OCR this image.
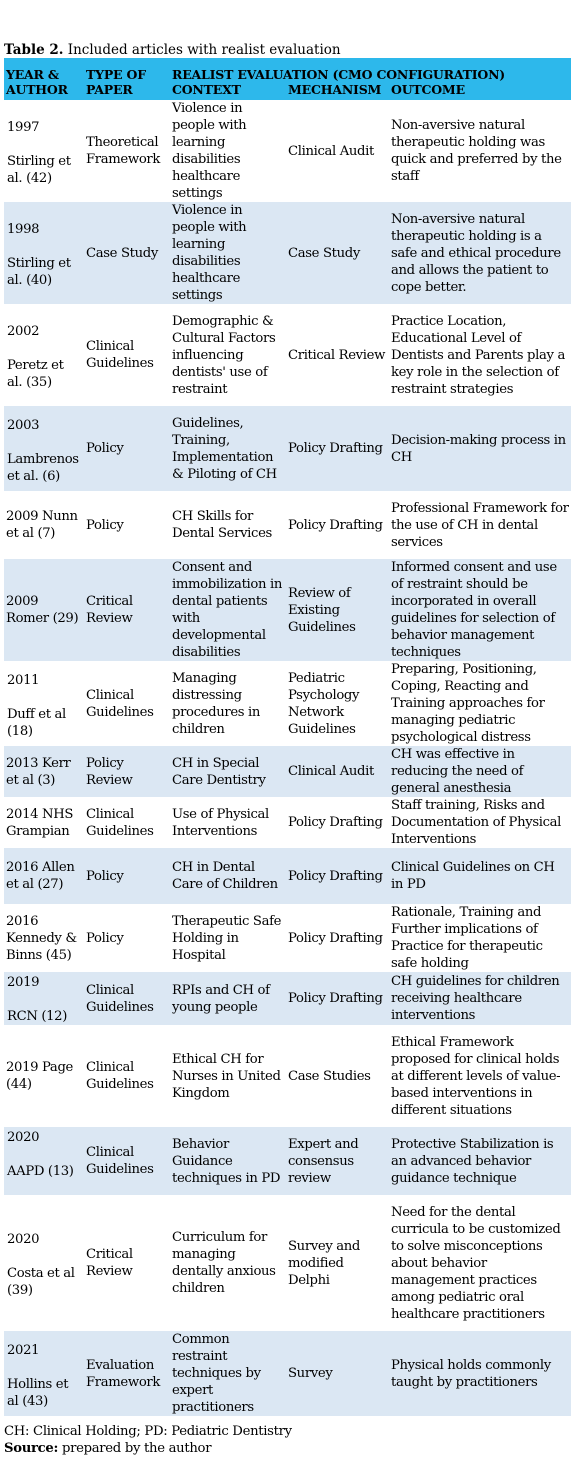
Table 2. Included articles with realist evaluation
YEAR & AUTHOR	TYPE OF PAPER	REALIST EVALUATION (CMO CONFIGURATION)		
		CONTEXT	MECHANISM	OUTCOME

1997
Stirling et al. (42)	Theoretical Framework	Violence in people with learning disabilities healthcare settings	Clinical Audit	Non-aversive natural therapeutic holding was quick and preferred by the staff

1998
Stirling et al. (40)	Case Study	Violence in people with learning disabilities healthcare settings	Case Study	Non-aversive natural therapeutic holding is a safe and ethical procedure and allows the patient to cope better.

2002
Peretz et al. (35)	Clinical Guidelines	Demographic & Cultural Factors influencing dentists' use of restraint	Critical Review	Practice Location, Educational Level of Dentists and Parents play a key role in the selection of restraint strategies

2003
Lambrenos et al. (6)	Policy	Guidelines, Training, Implementation & Piloting of CH	Policy Drafting	Decision-making process in CH
2009 Nunn et al (7)	Policy	CH Skills for Dental Services	Policy Drafting	Professional Framework for the use of CH in dental services
2009 Romer (29)	Critical Review	Consent and immobilization in dental patients with developmental disabilities	Review of Existing Guidelines	Informed consent and use of restraint should be incorporated in overall guidelines for selection of behavior management techniques

2011
Duff et al (18)	Clinical Guidelines	Managing distressing procedures in children	Pediatric Psychology Network Guidelines	Preparing, Positioning, Coping, Reacting and Training approaches for managing pediatric psychological distress
2013 Kerr et al (3)	Policy Review	CH in Special Care Dentistry	Clinical Audit	CH was effective in reducing the need of general anesthesia
2014 NHS Grampian	Clinical Guidelines	Use of Physical Interventions	Policy Drafting	Staff training, Risks and Documentation of Physical Interventions
2016 Allen et al (27)	Policy	CH in Dental Care of Children	Policy Drafting	Clinical Guidelines on CH in PD
2016 Kennedy & Binns (45)	Policy	Therapeutic Safe Holding in Hospital	Policy Drafting	Rationale, Training and Further implications of Practice for therapeutic safe holding

2019
RCN (12)	Clinical Guidelines	RPIs and CH of young people	Policy Drafting	CH guidelines for children receiving healthcare interventions
2019 Page (44)	Clinical Guidelines	Ethical CH for Nurses in United Kingdom	Case Studies	Ethical Framework proposed for clinical holds at different levels of value-based interventions in different situations

2020
AAPD (13)	Clinical Guidelines	Behavior Guidance techniques in PD	Expert and consensus review	Protective Stabilization is an advanced behavior guidance technique

2020
Costa et al (39)	Critical Review	Curriculum for managing dentally anxious children	Survey and modified Delphi	Need for the dental curricula to be customized to solve misconceptions about behavior management practices among pediatric oral healthcare practitioners

2021
Hollins et al (43)	Evaluation Framework	Common restraint techniques by expert practitioners	Survey	Physical holds commonly taught by practitioners
CH: Clinical Holding; PD: Pediatric Dentistry
Source: prepared by the author
